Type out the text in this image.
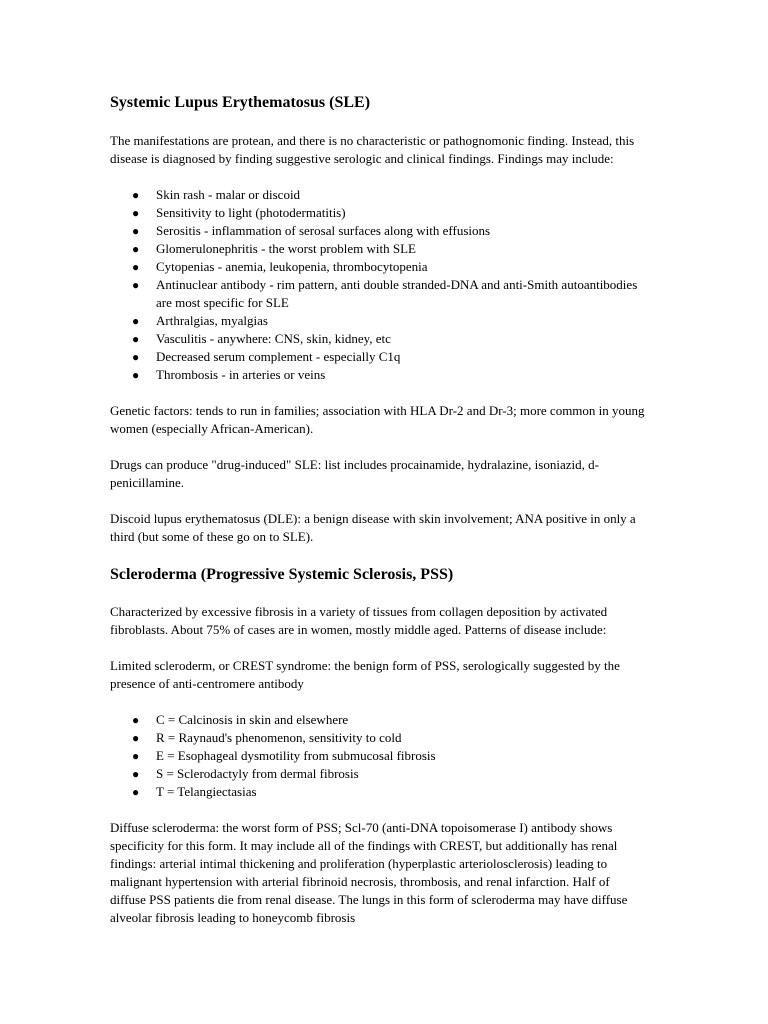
Systemic Lupus Erythematosus (SLE)

The manifestations are protean, and there is no characteristic or pathognomonic finding. Instead, this disease is diagnosed by finding suggestive serologic and clinical findings. Findings may include:

● Skin rash - malar or discoid
● Sensitivity to light (photodermatitis)
● Serositis - inflammation of serosal surfaces along with effusions
● Glomerulonephritis - the worst problem with SLE
● Cytopenias - anemia, leukopenia, thrombocytopenia
● Antinuclear antibody - rim pattern, anti double stranded-DNA and anti-Smith autoantibodies are most specific for SLE
● Arthralgias, myalgias
● Vasculitis - anywhere: CNS, skin, kidney, etc
● Decreased serum complement - especially C1q
● Thrombosis - in arteries or veins

Genetic factors: tends to run in families; association with HLA Dr-2 and Dr-3; more common in young women (especially African-American).

Drugs can produce "drug-induced" SLE: list includes procainamide, hydralazine, isoniazid, d-penicillamine.

Discoid lupus erythematosus (DLE): a benign disease with skin involvement; ANA positive in only a third (but some of these go on to SLE).

Scleroderma (Progressive Systemic Sclerosis, PSS)

Characterized by excessive fibrosis in a variety of tissues from collagen deposition by activated fibroblasts. About 75% of cases are in women, mostly middle aged. Patterns of disease include:

Limited scleroderm, or CREST syndrome: the benign form of PSS, serologically suggested by the presence of anti-centromere antibody

● C = Calcinosis in skin and elsewhere
● R = Raynaud's phenomenon, sensitivity to cold
● E = Esophageal dysmotility from submucosal fibrosis
● S = Sclerodactyly from dermal fibrosis
● T = Telangiectasias

Diffuse scleroderma: the worst form of PSS; Scl-70 (anti-DNA topoisomerase I) antibody shows specificity for this form. It may include all of the findings with CREST, but additionally has renal findings: arterial intimal thickening and proliferation (hyperplastic arteriolosclerosis) leading to malignant hypertension with arterial fibrinoid necrosis, thrombosis, and renal infarction. Half of diffuse PSS patients die from renal disease. The lungs in this form of scleroderma may have diffuse alveolar fibrosis leading to honeycomb fibrosis
